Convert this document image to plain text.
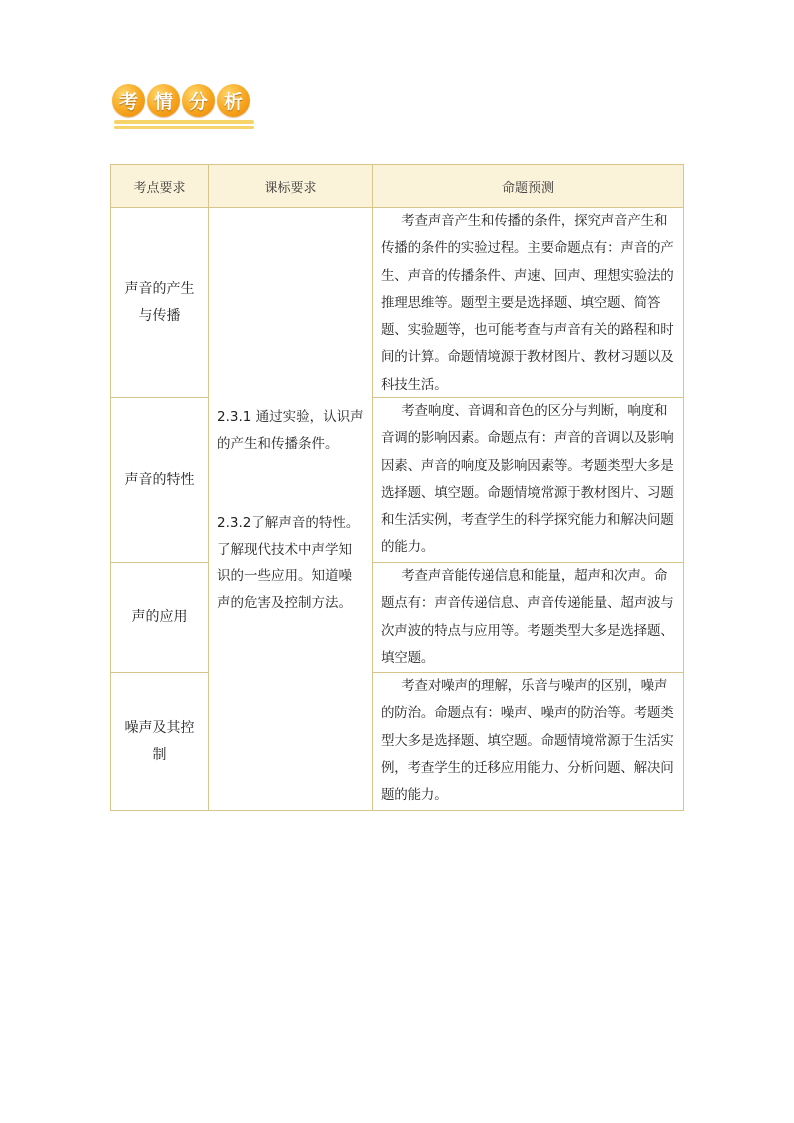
考 情 分 析
考点要求	课标要求	命题预测
声音的产生与传播
声音的特性
声的应用
噪声及其控制
2.3.1 通过实验，认识声的产生和传播条件。
2.3.2了解声音的特性。了解现代技术中声学知识的一些应用。知道噪声的危害及控制方法。
考查声音产生和传播的条件，探究声音产生和传播的条件的实验过程。主要命题点有：声音的产生、声音的传播条件、声速、回声、理想实验法的推理思维等。题型主要是选择题、填空题、简答题、实验题等，也可能考查与声音有关的路程和时间的计算。命题情境源于教材图片、教材习题以及科技生活。
考查响度、音调和音色的区分与判断，响度和音调的影响因素。命题点有：声音的音调以及影响因素、声音的响度及影响因素等。考题类型大多是选择题、填空题。命题情境常源于教材图片、习题和生活实例，考查学生的科学探究能力和解决问题的能力。
考查声音能传递信息和能量，超声和次声。命题点有：声音传递信息、声音传递能量、超声波与次声波的特点与应用等。考题类型大多是选择题、填空题。
考查对噪声的理解，乐音与噪声的区别，噪声的防治。命题点有：噪声、噪声的防治等。考题类型大多是选择题、填空题。命题情境常源于生活实例，考查学生的迁移应用能力、分析问题、解决问题的能力。
